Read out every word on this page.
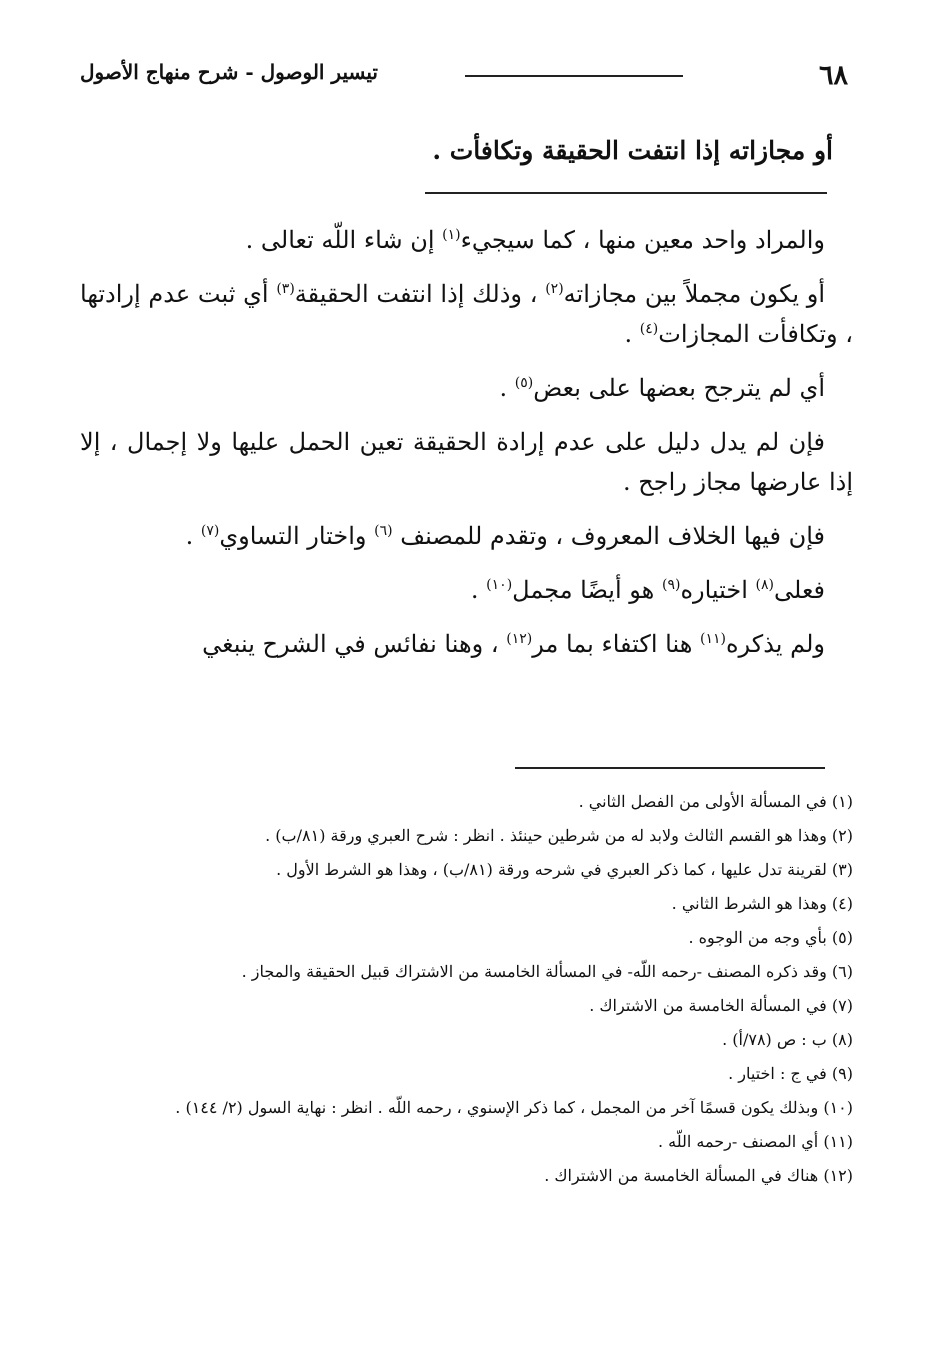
٦٨
تيسير الوصول - شرح منهاج الأصول
أو مجازاته إذا انتفت الحقيقة وتكافأت .

والمراد واحد معين منها ، كما سيجيء$^{(١)}$ إن شاء اللّه تعالى .

أو يكون مجملاً بين مجازاته$^{(٢)}$ ، وذلك إذا انتفت الحقيقة$^{(٣)}$ أي ثبت عدم إرادتها ، وتكافأت المجازات$^{(٤)}$ .

أي لم يترجح بعضها على بعض$^{(٥)}$ .

فإن لم يدل دليل على عدم إرادة الحقيقة تعين الحمل عليها ولا إجمال ، إلا إذا عارضها مجاز راجح .

فإن فيها الخلاف المعروف ، وتقدم للمصنف $^{(٦)}$ واختار التساوي$^{(٧)}$ .

فعلى$^{(٨)}$ اختياره$^{(٩)}$ هو أيضًا مجمل$^{(١٠)}$ .

ولم يذكره$^{(١١)}$ هنا اكتفاء بما مر$^{(١٢)}$ ، وهنا نفائس في الشرح ينبغي

(١) في المسألة الأولى من الفصل الثاني .

(٢) وهذا هو القسم الثالث ولابد له من شرطين حينئذ . انظر : شرح العبري ورقة (٨١/ب) .

(٣) لقرينة تدل عليها ، كما ذكر العبري في شرحه ورقة (٨١/ب) ، وهذا هو الشرط الأول .

(٤) وهذا هو الشرط الثاني .

(٥) بأي وجه من الوجوه .

(٦) وقد ذكره المصنف -رحمه اللّه- في المسألة الخامسة من الاشتراك قبيل الحقيقة والمجاز .

(٧) في المسألة الخامسة من الاشتراك .

(٨) ب : ص (٧٨/أ) .

(٩) في ج : اختيار .

(١٠) وبذلك يكون قسمًا آخر من المجمل ، كما ذكر الإسنوي ، رحمه اللّه . انظر : نهاية السول (٢/ ١٤٤) .

(١١) أي المصنف -رحمه اللّه .

(١٢) هناك في المسألة الخامسة من الاشتراك .
